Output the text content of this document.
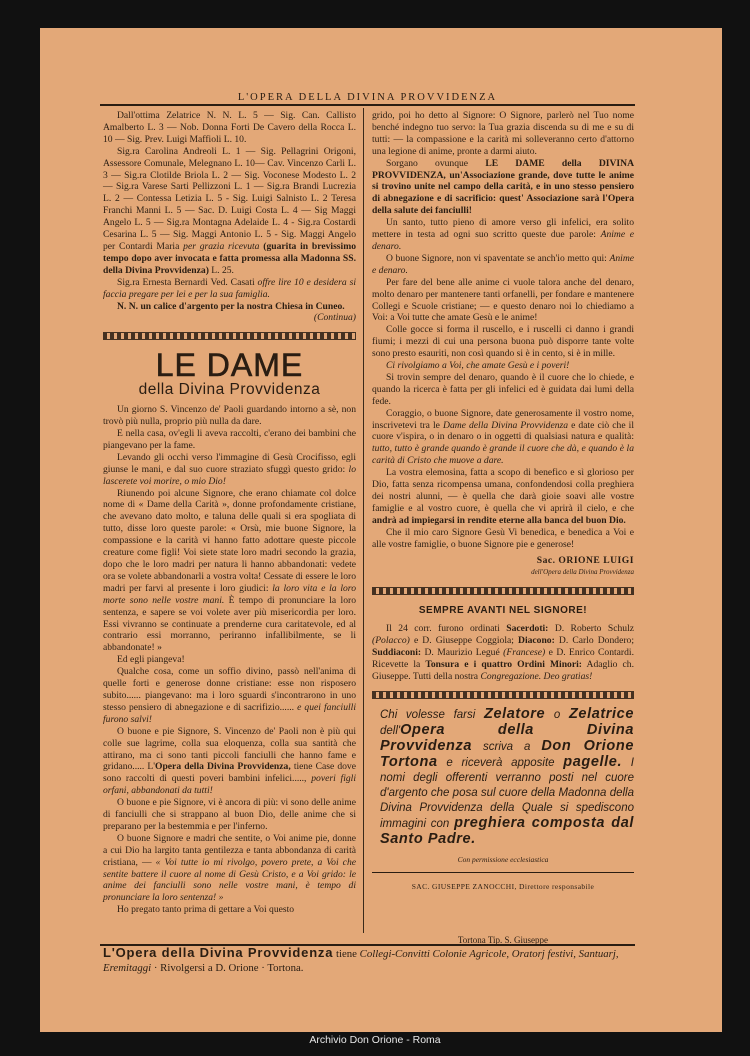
L'OPERA DELLA DIVINA PROVVIDENZA

Dall'ottima Zelatrice N. N. L. 5 — Sig. Can. Callisto Amalberto L. 3 — Nob. Donna Forti De Cavero della Rocca L. 10 — Sig. Prev. Luigi Maffioli L. 10.

Sig.ra Carolina Andreoli L. 1 — Sig. Pellagrini Origoni, Assessore Comunale, Melegnano L. 10— Cav. Vincenzo Carli L. 3 — Sig.ra Clotilde Briola L. 2 — Sig. Voconese Modesto L. 2 — Sig.ra Varese Sarti Pellizzoni L. 1 — Sig.ra Brandi Lucrezia L. 2 — Contessa Letizia L. 5 - Sig. Luigi Salnisto L. 2 Teresa Franchi Manni L. 5 — Sac. D. Luigi Costa L. 4 — Sig Maggi Angelo L. 5 — Sig.ra Montagna Adelaide L. 4 - Sig.ra Costardi Cesarina L. 5 — Sig. Maggi Antonio L. 5 - Sig. Maggi Angelo per Contardi Maria per grazia ricevuta (guarita in brevissimo tempo dopo aver invocata e fatta promessa alla Madonna SS. della Divina Provvidenza) L. 25.

Sig.ra Ernesta Bernardi Ved. Casati offre lire 10 e desidera si faccia pregare per lei e per la sua famiglia.

N. N. un calice d'argento per la nostra Chiesa in Cuneo.

(Continua)

LE DAME
della Divina Provvidenza

Un giorno S. Vincenzo de' Paoli guardando intorno a sè, non trovò più nulla, proprio più nulla da dare.

E nella casa, ov'egli li aveva raccolti, c'erano dei bambini che piangevano per la fame.

Levando gli occhi verso l'immagine di Gesù Crocifisso, egli giunse le mani, e dal suo cuore straziato sfuggì questo grido: lo lascerete voi morire, o mio Dio!

Riunendo poi alcune Signore, che erano chiamate col dolce nome di « Dame della Carità », donne profondamente cristiane, che avevano dato molto, e taluna delle quali si era spogliata di tutto, disse loro queste parole: « Orsù, mie buone Signore, la compassione e la carità vi hanno fatto adottare queste piccole creature come figli! Voi siete state loro madri secondo la grazia, dopo che le loro madri per natura li hanno abbandonati: vedete ora se volete abbandonarli a vostra volta! Cessate di essere le loro madri per farvi al presente i loro giudici: la loro vita e la loro morte sono nelle vostre mani. È tempo di pronunciare la loro sentenza, e sapere se voi volete aver più misericordia per loro. Essi vivranno se continuate a prenderne cura caritatevole, ed al contrario essi morranno, periranno infallibilmente, se li abbandonate! »

Ed egli piangeva!

Qualche cosa, come un soffio divino, passò nell'anima di quelle forti e generose donne cristiane: esse non risposero subito...... piangevano: ma i loro sguardi s'incontrarono in uno stesso pensiero di abnegazione e di sacrifizio...... e quei fanciulli furono salvi!

O buone e pie Signore, S. Vincenzo de' Paoli non è più qui colle sue lagrime, colla sua eloquenza, colla sua santità che attirano, ma ci sono tanti piccoli fanciulli che hanno fame e gridano..... L'Opera della Divina Provvidenza, tiene Case dove sono raccolti di questi poveri bambini infelici....., poveri figli orfani, abbandonati da tutti!

O buone e pie Signore, vi è ancora di più: vi sono delle anime di fanciulli che si strappano al buon Dio, delle anime che si preparano per la bestemmia e per l'inferno.

O buone Signore e madri che sentite, o Voi anime pie, donne a cui Dio ha largito tanta gentilezza e tanta abbondanza di carità cristiana, — « Voi tutte io mi rivolgo, povero prete, a Voi che sentite battere il cuore al nome di Gesù Cristo, e a Voi grido: le anime dei fanciulli sono nelle vostre mani, è tempo di pronunciare la loro sentenza! »

Ho pregato tanto prima di gettare a Voi questo

grido, poi ho detto al Signore: O Signore, parlerò nel Tuo nome benché indegno tuo servo: la Tua grazia discenda su di me e su di tutti: — la compassione e la carità mi solleveranno certo d'attorno una legione di anime, pronte a darmi aiuto.

Sorgano ovunque LE DAME della DIVINA PROVVIDENZA, un'Associazione grande, dove tutte le anime si trovino unite nel campo della carità, e in uno stesso pensiero di abnegazione e di sacrificio: quest' Associazione sarà l'Opera della salute dei fanciulli!

Un santo, tutto pieno di amore verso gli infelici, era solito mettere in testa ad ogni suo scritto queste due parole: Anime e denaro.

O buone Signore, non vi spaventate se anch'io metto qui: Anime e denaro.

Per fare del bene alle anime ci vuole talora anche del denaro, molto denaro per mantenere tanti orfanelli, per fondare e mantenere Collegi e Scuole cristiane; — e questo denaro noi lo chiediamo a Voi: a Voi tutte che amate Gesù e le anime!

Colle gocce si forma il ruscello, e i ruscelli ci danno i grandi fiumi; i mezzi di cui una persona buona può disporre tante volte sono presto esauriti, non così quando si è in cento, si è in mille.

Ci rivolgiamo a Voi, che amate Gesù e i poveri!

Si trovin sempre del denaro, quando è il cuore che lo chiede, e quando la ricerca è fatta per gli infelici ed è guidata dai lumi della fede.

Coraggio, o buone Signore, date generosamente il vostro nome, inscrivetevi tra le Dame della Divina Provvidenza e date ciò che il cuore v'ispira, o in denaro o in oggetti di qualsiasi natura e qualità: tutto, tutto è grande quando è grande il cuore che dà, e quando è la carità di Cristo che muove a dare.

La vostra elemosina, fatta a scopo di benefico e sì glorioso per Dio, fatta senza ricompensa umana, confondendosi colla preghiera dei nostri alunni, — è quella che darà gioie soavi alle vostre famiglie e al vostro cuore, è quella che vi aprirà il cielo, e che andrà ad impiegarsi in rendite eterne alla banca del buon Dio.

Che il mio caro Signore Gesù Vi benedica, e benedica a Voi e alle vostre famiglie, o buone Signore pie e generose!

Sac. ORIONE LUIGI
dell'Opera della Divina Provvidenza
SEMPRE AVANTI NEL SIGNORE!

Il 24 corr. furono ordinati Sacerdoti: D. Roberto Schulz (Polacco) e D. Giuseppe Coggiola; Diacono: D. Carlo Dondero; Suddiaconi: D. Maurizio Legué (Francese) e D. Enrico Contardi. Ricevette la Tonsura e i quattro Ordini Minori: Adaglio ch. Giuseppe. Tutti della nostra Congregazione. Deo gratias!

Chi volesse farsi Zelatore o Zelatrice dell'Opera della Divina Provvidenza scriva a Don Orione Tortona e riceverà apposite pagelle. I nomi degli offerenti verranno posti nel cuore d'argento che posa sul cuore della Madonna della Divina Provvidenza della Quale si spediscono immagini con preghiera composta dal Santo Padre.
Con permissione ecclesiastica
SAC. GIUSEPPE ZANOCCHI, Direttore responsabile
Tortona Tip. S. Giuseppe
L'Opera della Divina Provvidenza tiene Collegi-Convitti Colonie Agricole, Oratorj festivi, Santuarj, Eremitaggi · Rivolgersi a D. Orione · Tortona.
Archivio Don Orione - Roma
